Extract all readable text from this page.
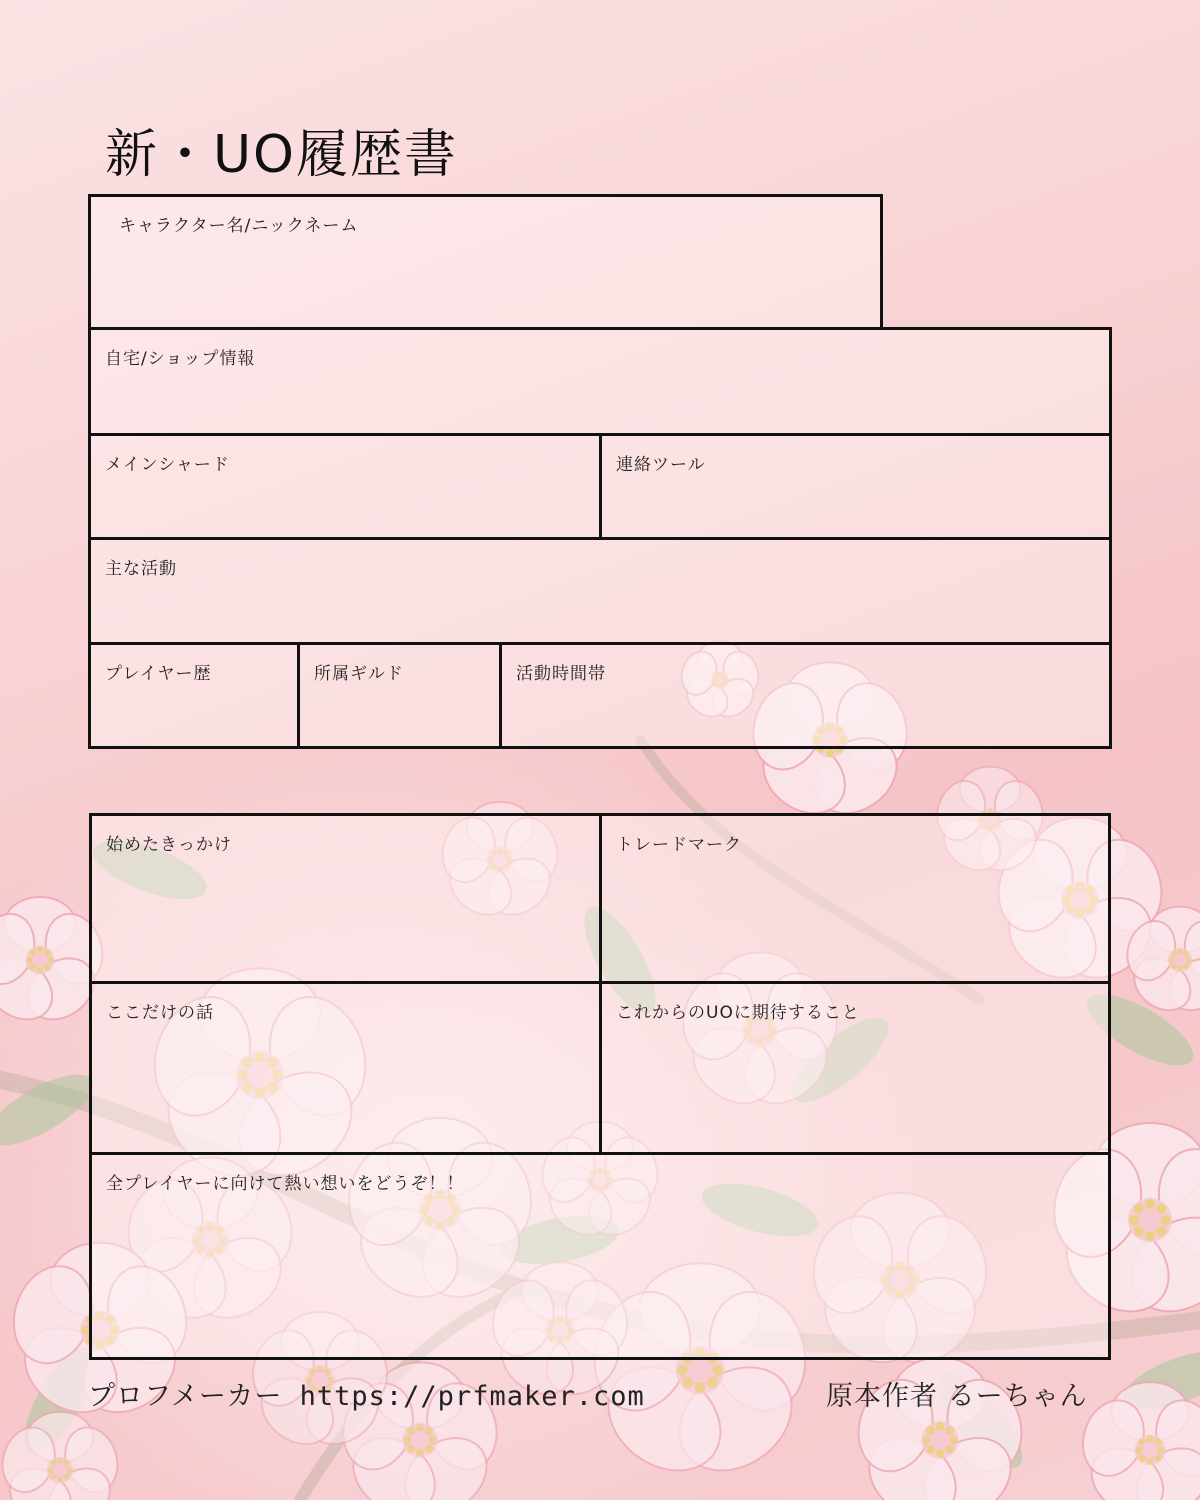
新・UO履歴書
キャラクター名/ニックネーム
自宅/ショップ情報
メインシャード	連絡ツール
主な活動
プレイヤー歴	所属ギルド	活動時間帯
始めたきっかけ	トレードマーク
ここだけの話	これからのUOに期待すること
全プレイヤーに向けて熱い想いをどうぞ！！
プロフメーカー https://prfmaker.com	原本作者 るーちゃん
